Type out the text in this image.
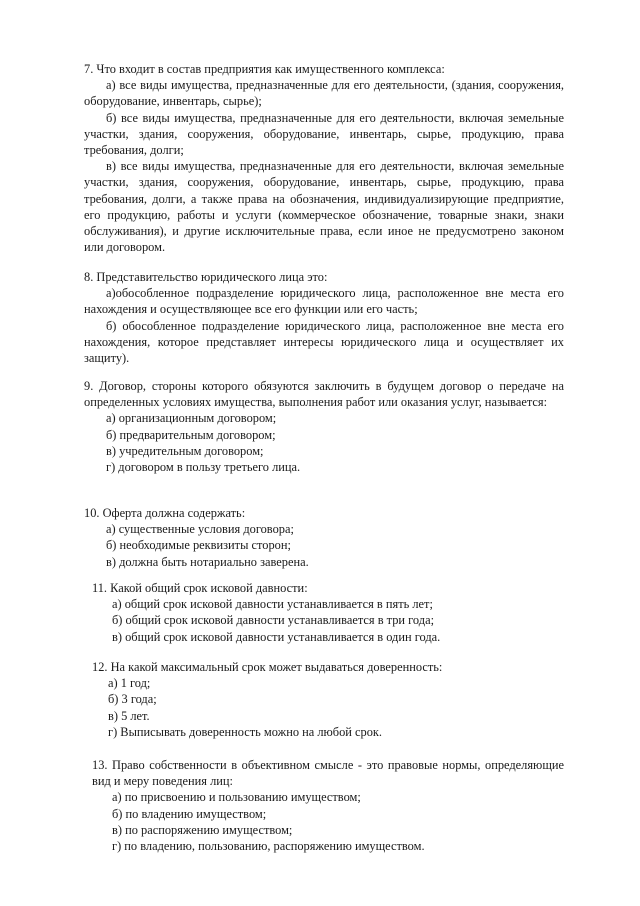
7. Что входит в состав предприятия как имущественного комплекса:

а) все виды имущества, предназначенные для его деятельности, (здания, сооружения, оборудование, инвентарь, сырье);

б) все виды имущества, предназначенные для его деятельности, включая земельные участки, здания, сооружения, оборудование, инвентарь, сырье, продукцию, права требования, долги;

в) все виды имущества, предназначенные для его деятельности, включая земельные участки, здания, сооружения, оборудование, инвентарь, сырье, продукцию, права требования, долги, а также права на обозначения, индивидуализирующие предприятие, его продукцию, работы и услуги (коммерческое обозначение, товарные знаки, знаки обслуживания), и другие исключительные права, если иное не предусмотрено законом или договором.

8. Представительство юридического лица это:

а)обособленное подразделение юридического лица, расположенное вне места его нахождения и осуществляющее все его функции или его часть;

б) обособленное подразделение юридического лица, расположенное вне места его нахождения, которое представляет интересы юридического лица и осуществляет их защиту).

9. Договор, стороны которого обязуются заключить в будущем договор о передаче на определенных условиях имущества, выполнения работ или оказания услуг, называется:

а) организационным договором;

б) предварительным договором;

в) учредительным договором;

г) договором в пользу третьего лица.

10. Оферта должна содержать:

а) существенные условия договора;

б) необходимые реквизиты сторон;

в) должна быть нотариально заверена.

11. Какой общий срок исковой давности:

а) общий срок исковой давности устанавливается в пять лет;

б) общий срок исковой давности устанавливается в три года;

в) общий срок исковой давности устанавливается в один года.

12. На какой максимальный срок может выдаваться доверенность:

а) 1 год;

б) 3 года;

в) 5 лет.

г) Выписывать доверенность можно на любой срок.

13. Право собственности в объективном смысле - это правовые нормы, определяющие вид и меру поведения лиц:

а) по присвоению и пользованию имуществом;

б) по владению имуществом;

в) по распоряжению имуществом;

г) по владению, пользованию, распоряжению имуществом.
